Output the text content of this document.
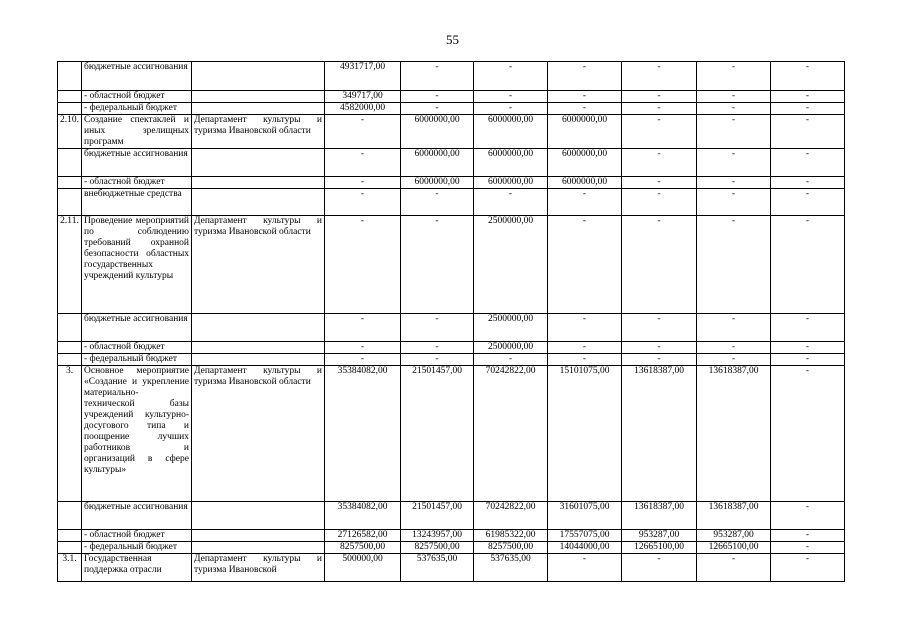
55
	бюджетные ассигнования		4931717,00	-	-	-	-	-	-
	- областной бюджет		349717,00	-	-	-	-	-	-
	- федеральный бюджет		4582000,00	-	-	-	-	-	-
2.10.	Создание спектаклей и иных зрелищных программ	Департамент культуры и туризма Ивановской области	-	6000000,00	6000000,00	6000000,00	-	-	-
	бюджетные ассигнования		-	6000000,00	6000000,00	6000000,00	-	-	-
	- областной бюджет		-	6000000,00	6000000,00	6000000,00	-	-	-
	внебюджетные средства		-	-	-	-	-	-	-
2.11.	Проведение мероприятий по соблюдению требований охранной безопасности областных государственных учреждений культуры	Департамент культуры и туризма Ивановской области	-	-	2500000,00	-	-	-	-
	бюджетные ассигнования		-	-	2500000,00	-	-	-	-
	- областной бюджет		-	-	2500000,00	-	-	-	-
	- федеральный бюджет		-	-	-	-	-	-	-
3.	Основное мероприятие «Создание и укрепление материально-технической базы учреждений культурно-досугового типа и поощрение лучших работников и организаций в сфере культуры»	Департамент культуры и туризма Ивановской области	35384082,00	21501457,00	70242822,00	15101075,00	13618387,00	13618387,00	-
	бюджетные ассигнования		35384082,00	21501457,00	70242822,00	31601075,00	13618387,00	13618387,00	-
	- областной бюджет		27126582,00	13243957,00	61985322,00	17557075,00	953287,00	953287,00	-
	- федеральный бюджет		8257500,00	8257500,00	8257500,00	14044000,00	12665100,00	12665100,00	-
3.1.	Государственная поддержка отрасли	Департамент культуры и туризма Ивановской	500000,00	537635,00	537635,00	-	-	-	-
